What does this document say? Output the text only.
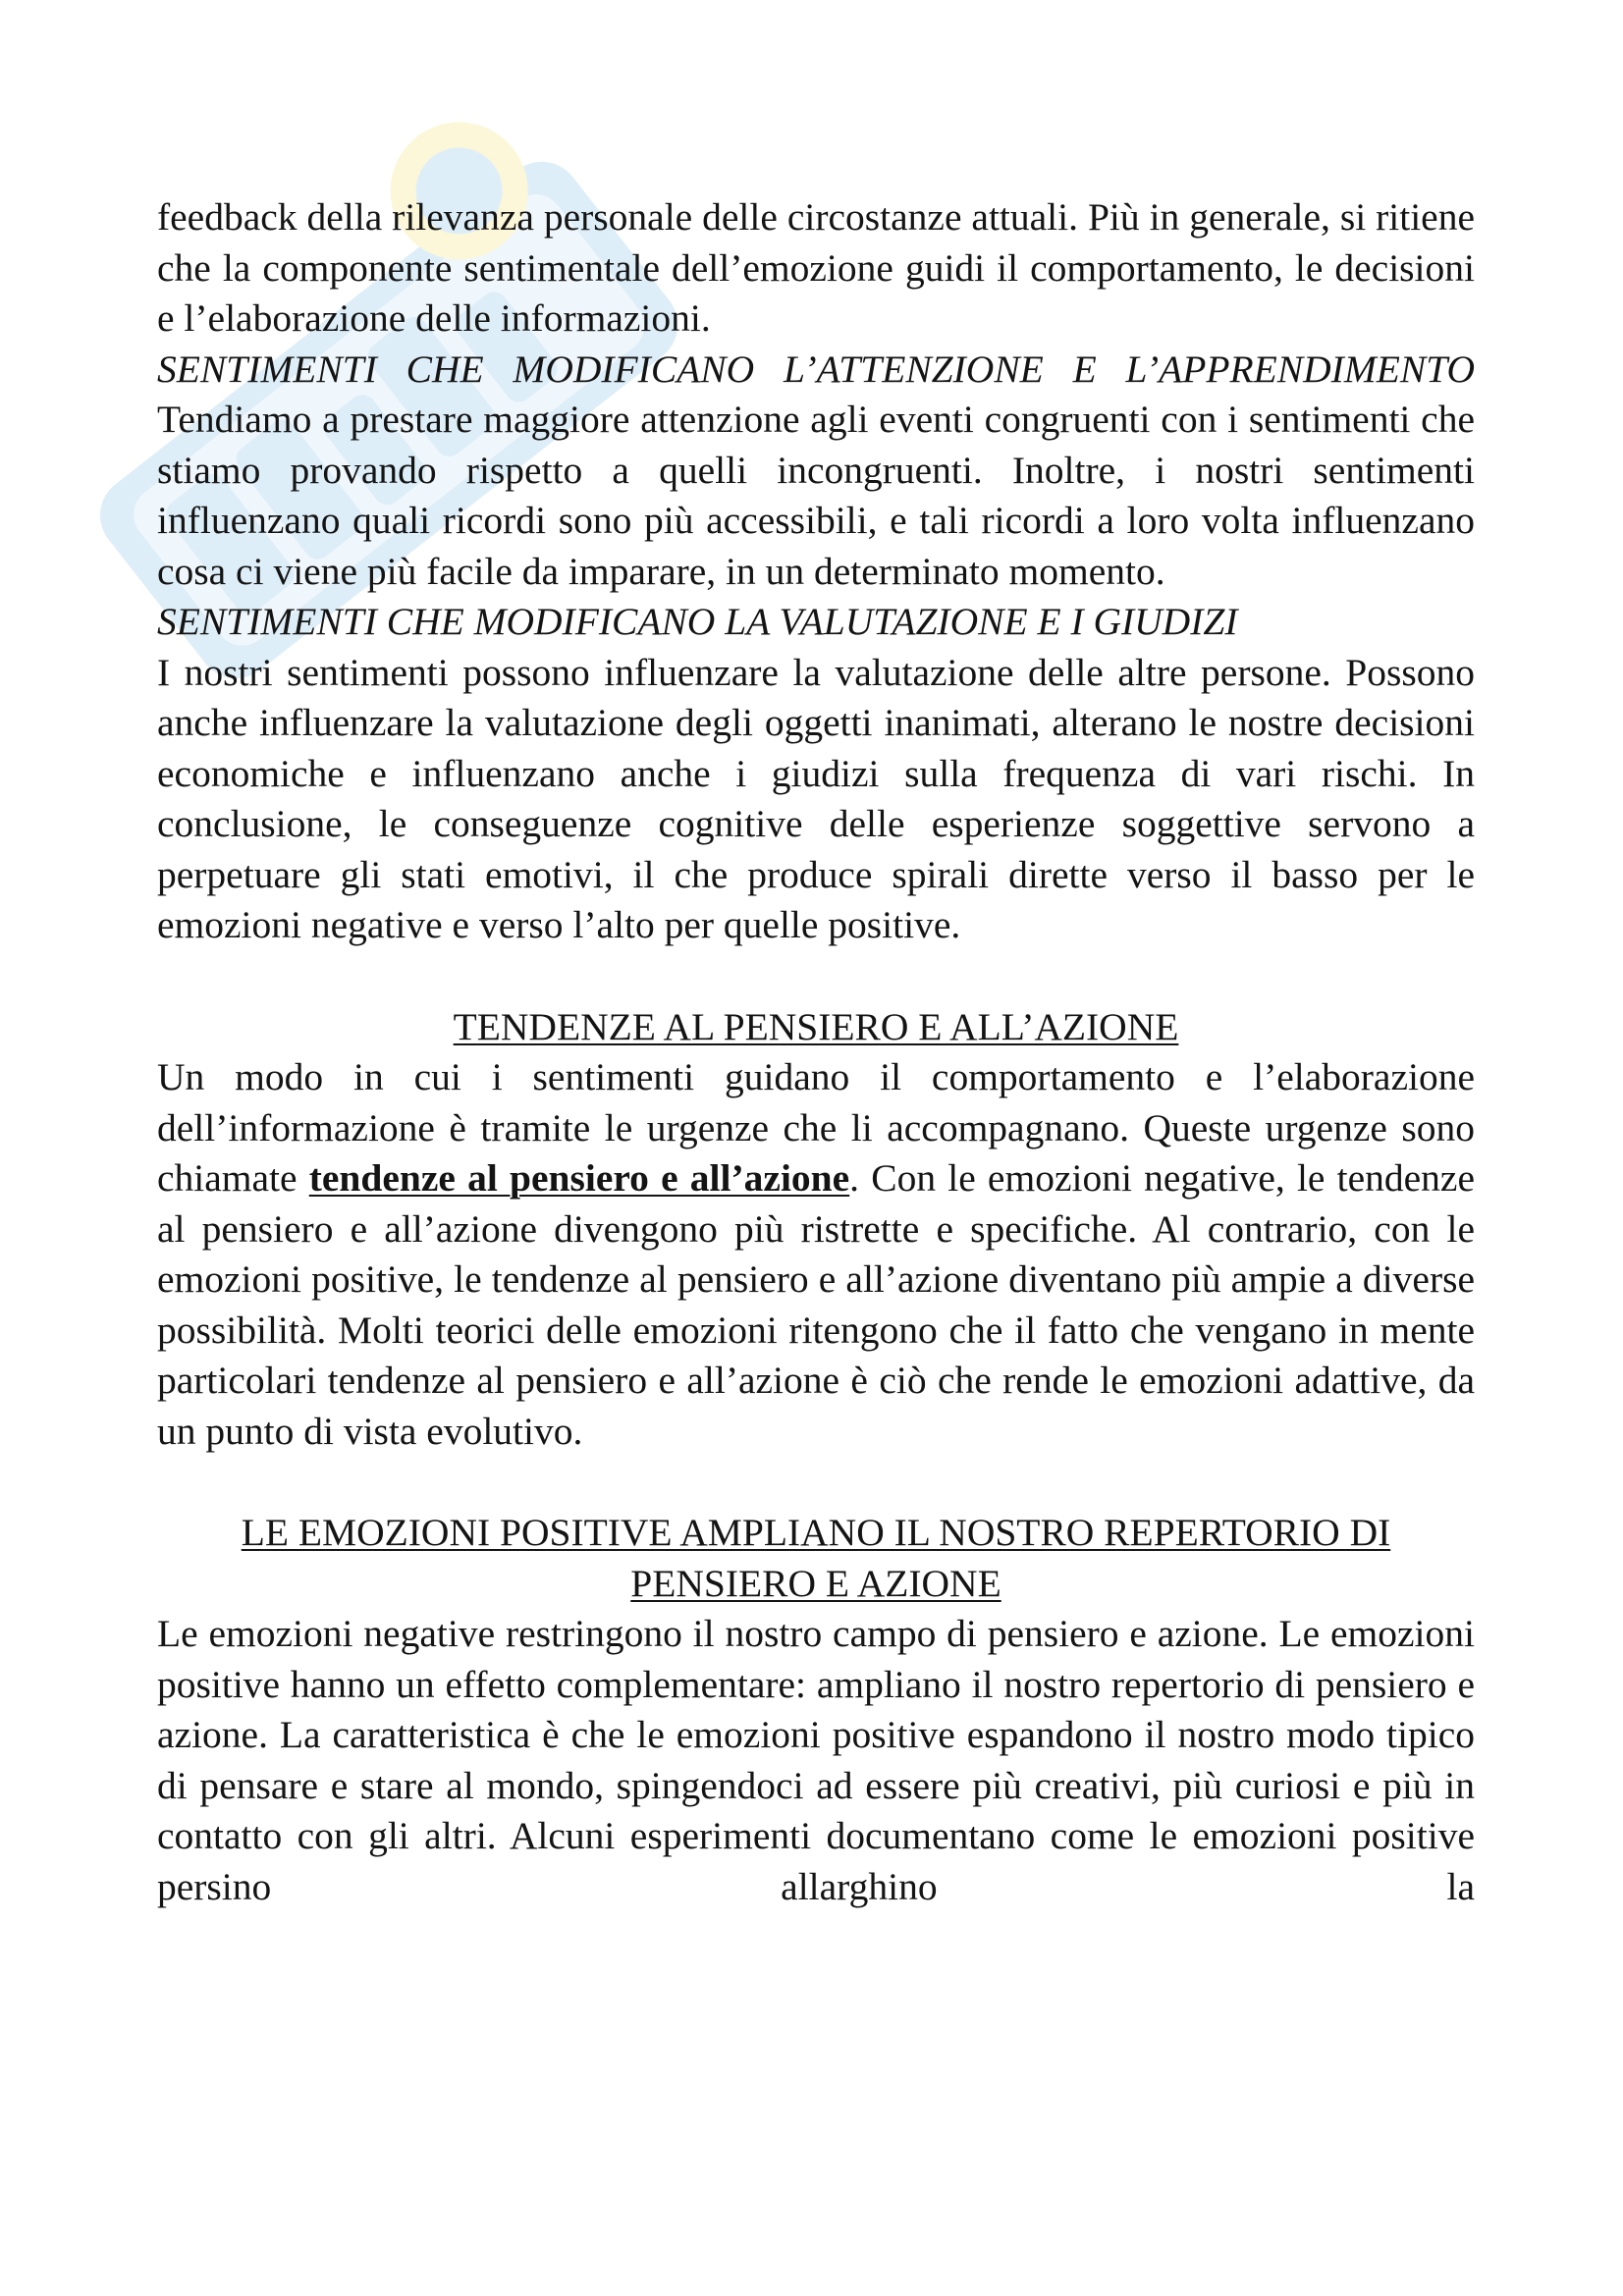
feedback della rilevanza personale delle circostanze attuali. Più in generale, si ritiene che la componente sentimentale dell’emozione guidi il comportamento, le decisioni e l’elaborazione delle informazioni.

SENTIMENTI CHE MODIFICANO L’ATTENZIONE E L’APPRENDIMENTO

Tendiamo a prestare maggiore attenzione agli eventi congruenti con i sentimenti che stiamo provando rispetto a quelli incongruenti. Inoltre, i nostri sentimenti influenzano quali ricordi sono più accessibili, e tali ricordi a loro volta influenzano cosa ci viene più facile da imparare, in un determinato momento.

SENTIMENTI CHE MODIFICANO LA VALUTAZIONE E I GIUDIZI

I nostri sentimenti possono influenzare la valutazione delle altre persone. Possono anche influenzare la valutazione degli oggetti inanimati, alterano le nostre decisioni economiche e influenzano anche i giudizi sulla frequenza di vari rischi. In conclusione, le conseguenze cognitive delle esperienze soggettive servono a perpetuare gli stati emotivi, il che produce spirali dirette verso il basso per le emozioni negative e verso l’alto per quelle positive.

TENDENZE AL PENSIERO E ALL’AZIONE

Un modo in cui i sentimenti guidano il comportamento e l’elaborazione dell’informazione è tramite le urgenze che li accompagnano. Queste urgenze sono chiamate tendenze al pensiero e all’azione. Con le emozioni negative, le tendenze al pensiero e all’azione divengono più ristrette e specifiche. Al contrario, con le emozioni positive, le tendenze al pensiero e all’azione diventano più ampie a diverse possibilità. Molti teorici delle emozioni ritengono che il fatto che vengano in mente particolari tendenze al pensiero e all’azione è ciò che rende le emozioni adattive, da un punto di vista evolutivo.

LE EMOZIONI POSITIVE AMPLIANO IL NOSTRO REPERTORIO DI

PENSIERO E AZIONE

Le emozioni negative restringono il nostro campo di pensiero e azione. Le emozioni positive hanno un effetto complementare: ampliano il nostro repertorio di pensiero e azione. La caratteristica è che le emozioni positive espandono il nostro modo tipico di pensare e stare al mondo, spingendoci ad essere più creativi, più curiosi e più in contatto con gli altri. Alcuni esperimenti documentano come le emozioni positive persino allarghino la
